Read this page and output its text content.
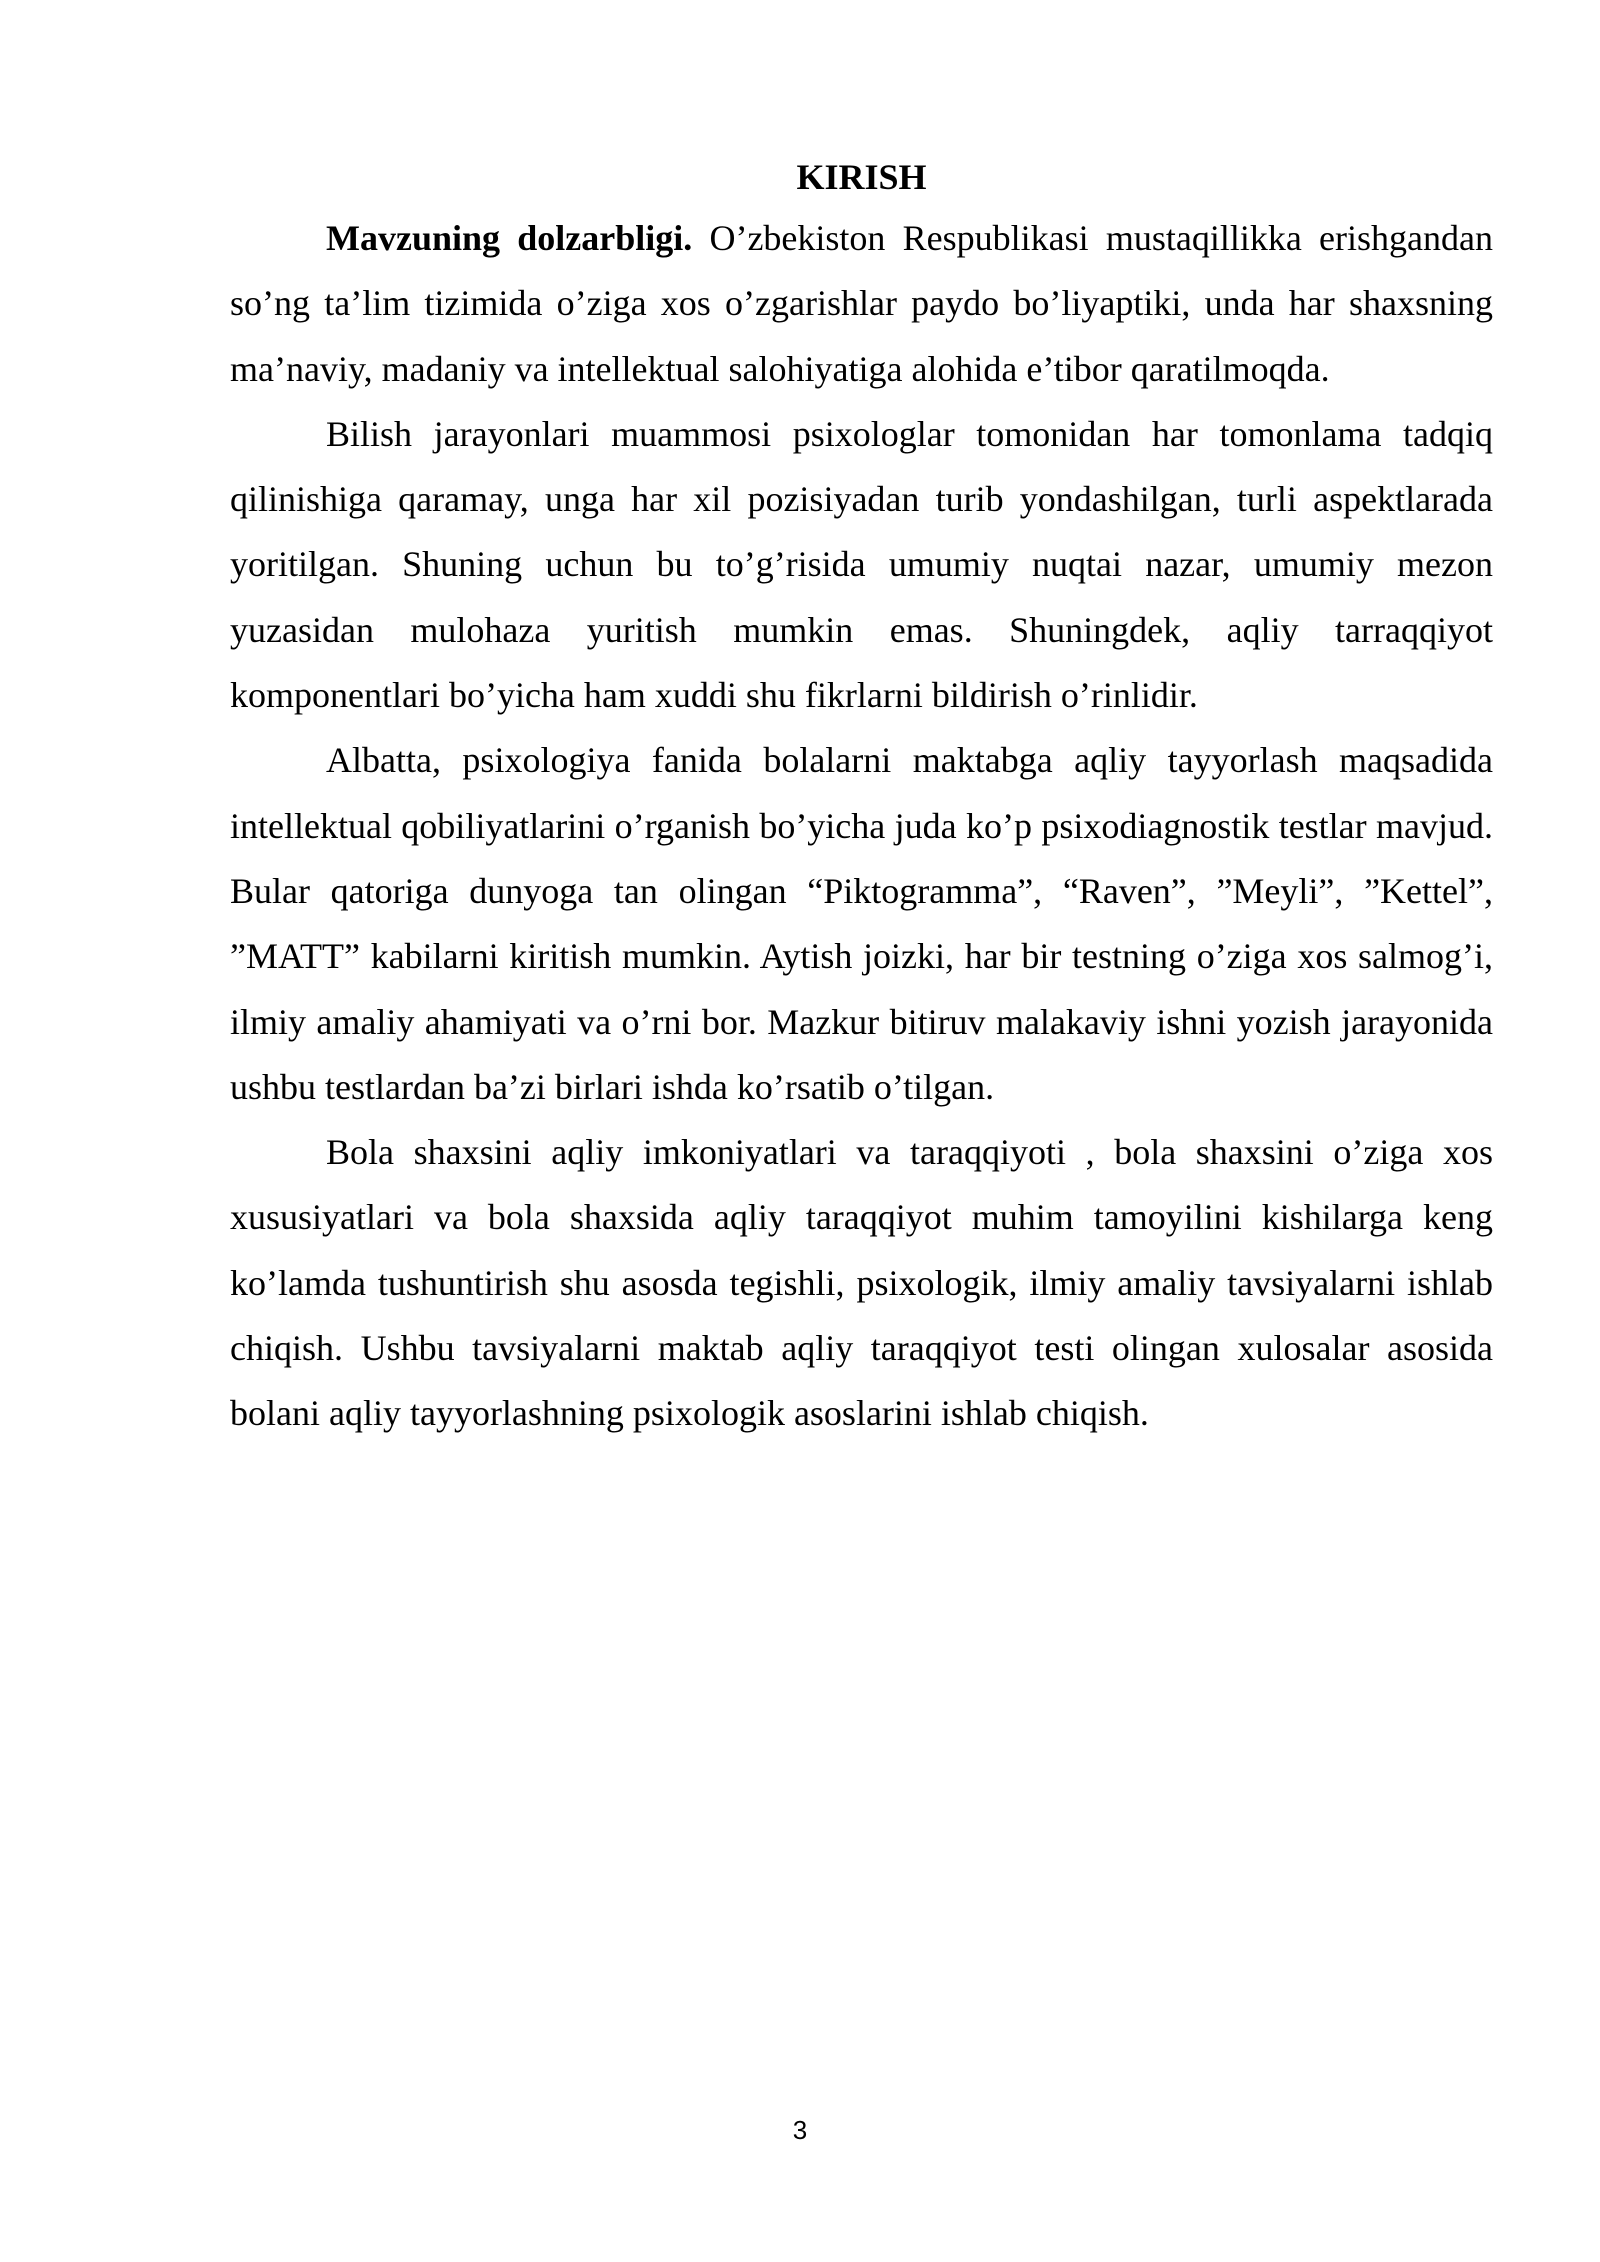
KIRISH

Mavzuning dolzarbligi. O’zbekiston Respublikasi mustaqillikka erishgandan so’ng ta’lim tizimida o’ziga xos o’zgarishlar paydo bo’liyaptiki, unda har shaxsning ma’naviy, madaniy va intellektual salohiyatiga alohida e’tibor qaratilmoqda.

Bilish jarayonlari muammosi psixologlar tomonidan har tomonlama tadqiq qilinishiga qaramay, unga har xil pozisiyadan turib yondashilgan, turli aspektlarada yoritilgan. Shuning uchun bu to’g’risida umumiy nuqtai nazar, umumiy mezon yuzasidan mulohaza yuritish mumkin emas. Shuningdek, aqliy tarraqqiyot komponentlari bo’yicha ham xuddi shu fikrlarni bildirish o’rinlidir.

Albatta, psixologiya fanida bolalarni maktabga aqliy tayyorlash maqsadida intellektual qobiliyatlarini o’rganish bo’yicha juda ko’p psixodiagnostik testlar mavjud. Bular qatoriga dunyoga tan olingan “Piktogramma”, “Raven”, ”Meyli”, ”Kettel”, ”MATT” kabilarni kiritish mumkin. Aytish joizki, har bir testning o’ziga xos salmog’i, ilmiy amaliy ahamiyati va o’rni bor. Mazkur bitiruv malakaviy ishni yozish jarayonida ushbu testlardan ba’zi birlari ishda ko’rsatib o’tilgan.

Bola shaxsini aqliy imkoniyatlari va taraqqiyoti , bola shaxsini o’ziga xos xususiyatlari va bola shaxsida aqliy taraqqiyot muhim tamoyilini kishilarga keng ko’lamda tushuntirish shu asosda tegishli, psixologik, ilmiy amaliy tavsiyalarni ishlab chiqish. Ushbu tavsiyalarni maktab aqliy taraqqiyot testi olingan xulosalar asosida bolani aqliy tayyorlashning psixologik asoslarini ishlab chiqish.

3
